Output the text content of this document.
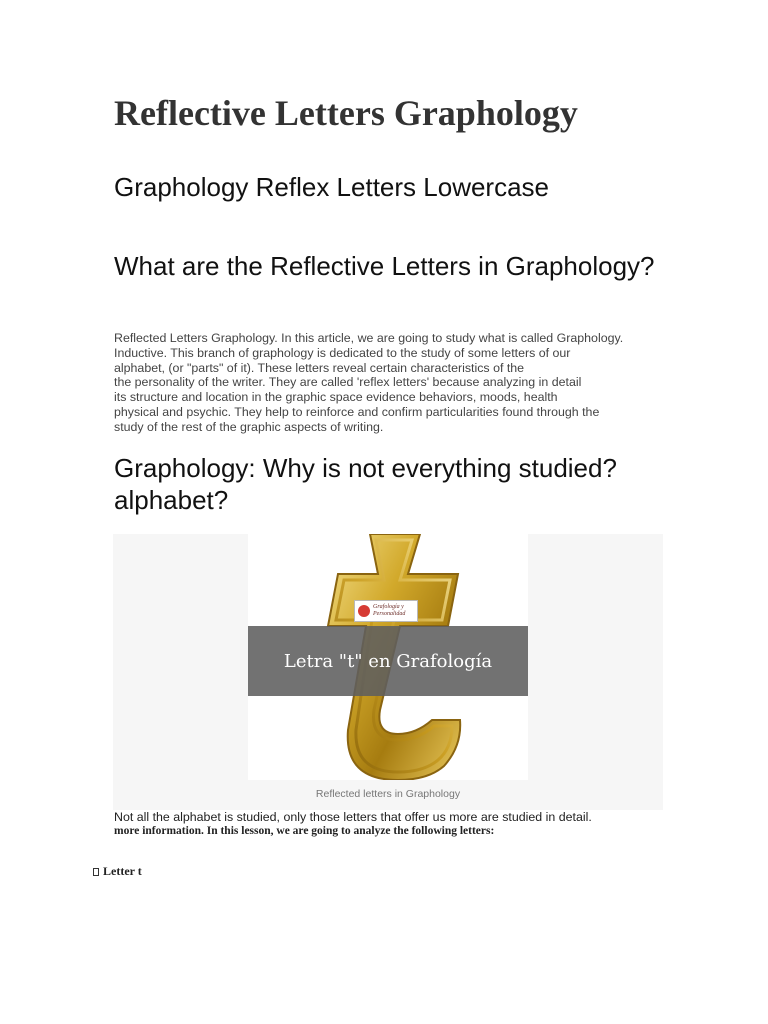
Reflective Letters Graphology
Graphology Reflex Letters Lowercase
What are the Reflective Letters in Graphology?
Reflected Letters Graphology. In this article, we are going to study what is called Graphology.
Inductive. This branch of graphology is dedicated to the study of some letters of our
alphabet, (or "parts" of it). These letters reveal certain characteristics of the
the personality of the writer. They are called 'reflex letters' because analyzing in detail
its structure and location in the graphic space evidence behaviors, moods, health
physical and psychic. They help to reinforce and confirm particularities found through the
study of the rest of the graphic aspects of writing.
Graphology: Why is not everything studied? alphabet?
Grafología y
Personalidad
Letra "t" en Grafología
Reflected letters in Graphology
Not all the alphabet is studied, only those letters that offer us more are studied in detail.
more information. In this lesson, we are going to analyze the following letters:
Letter t
